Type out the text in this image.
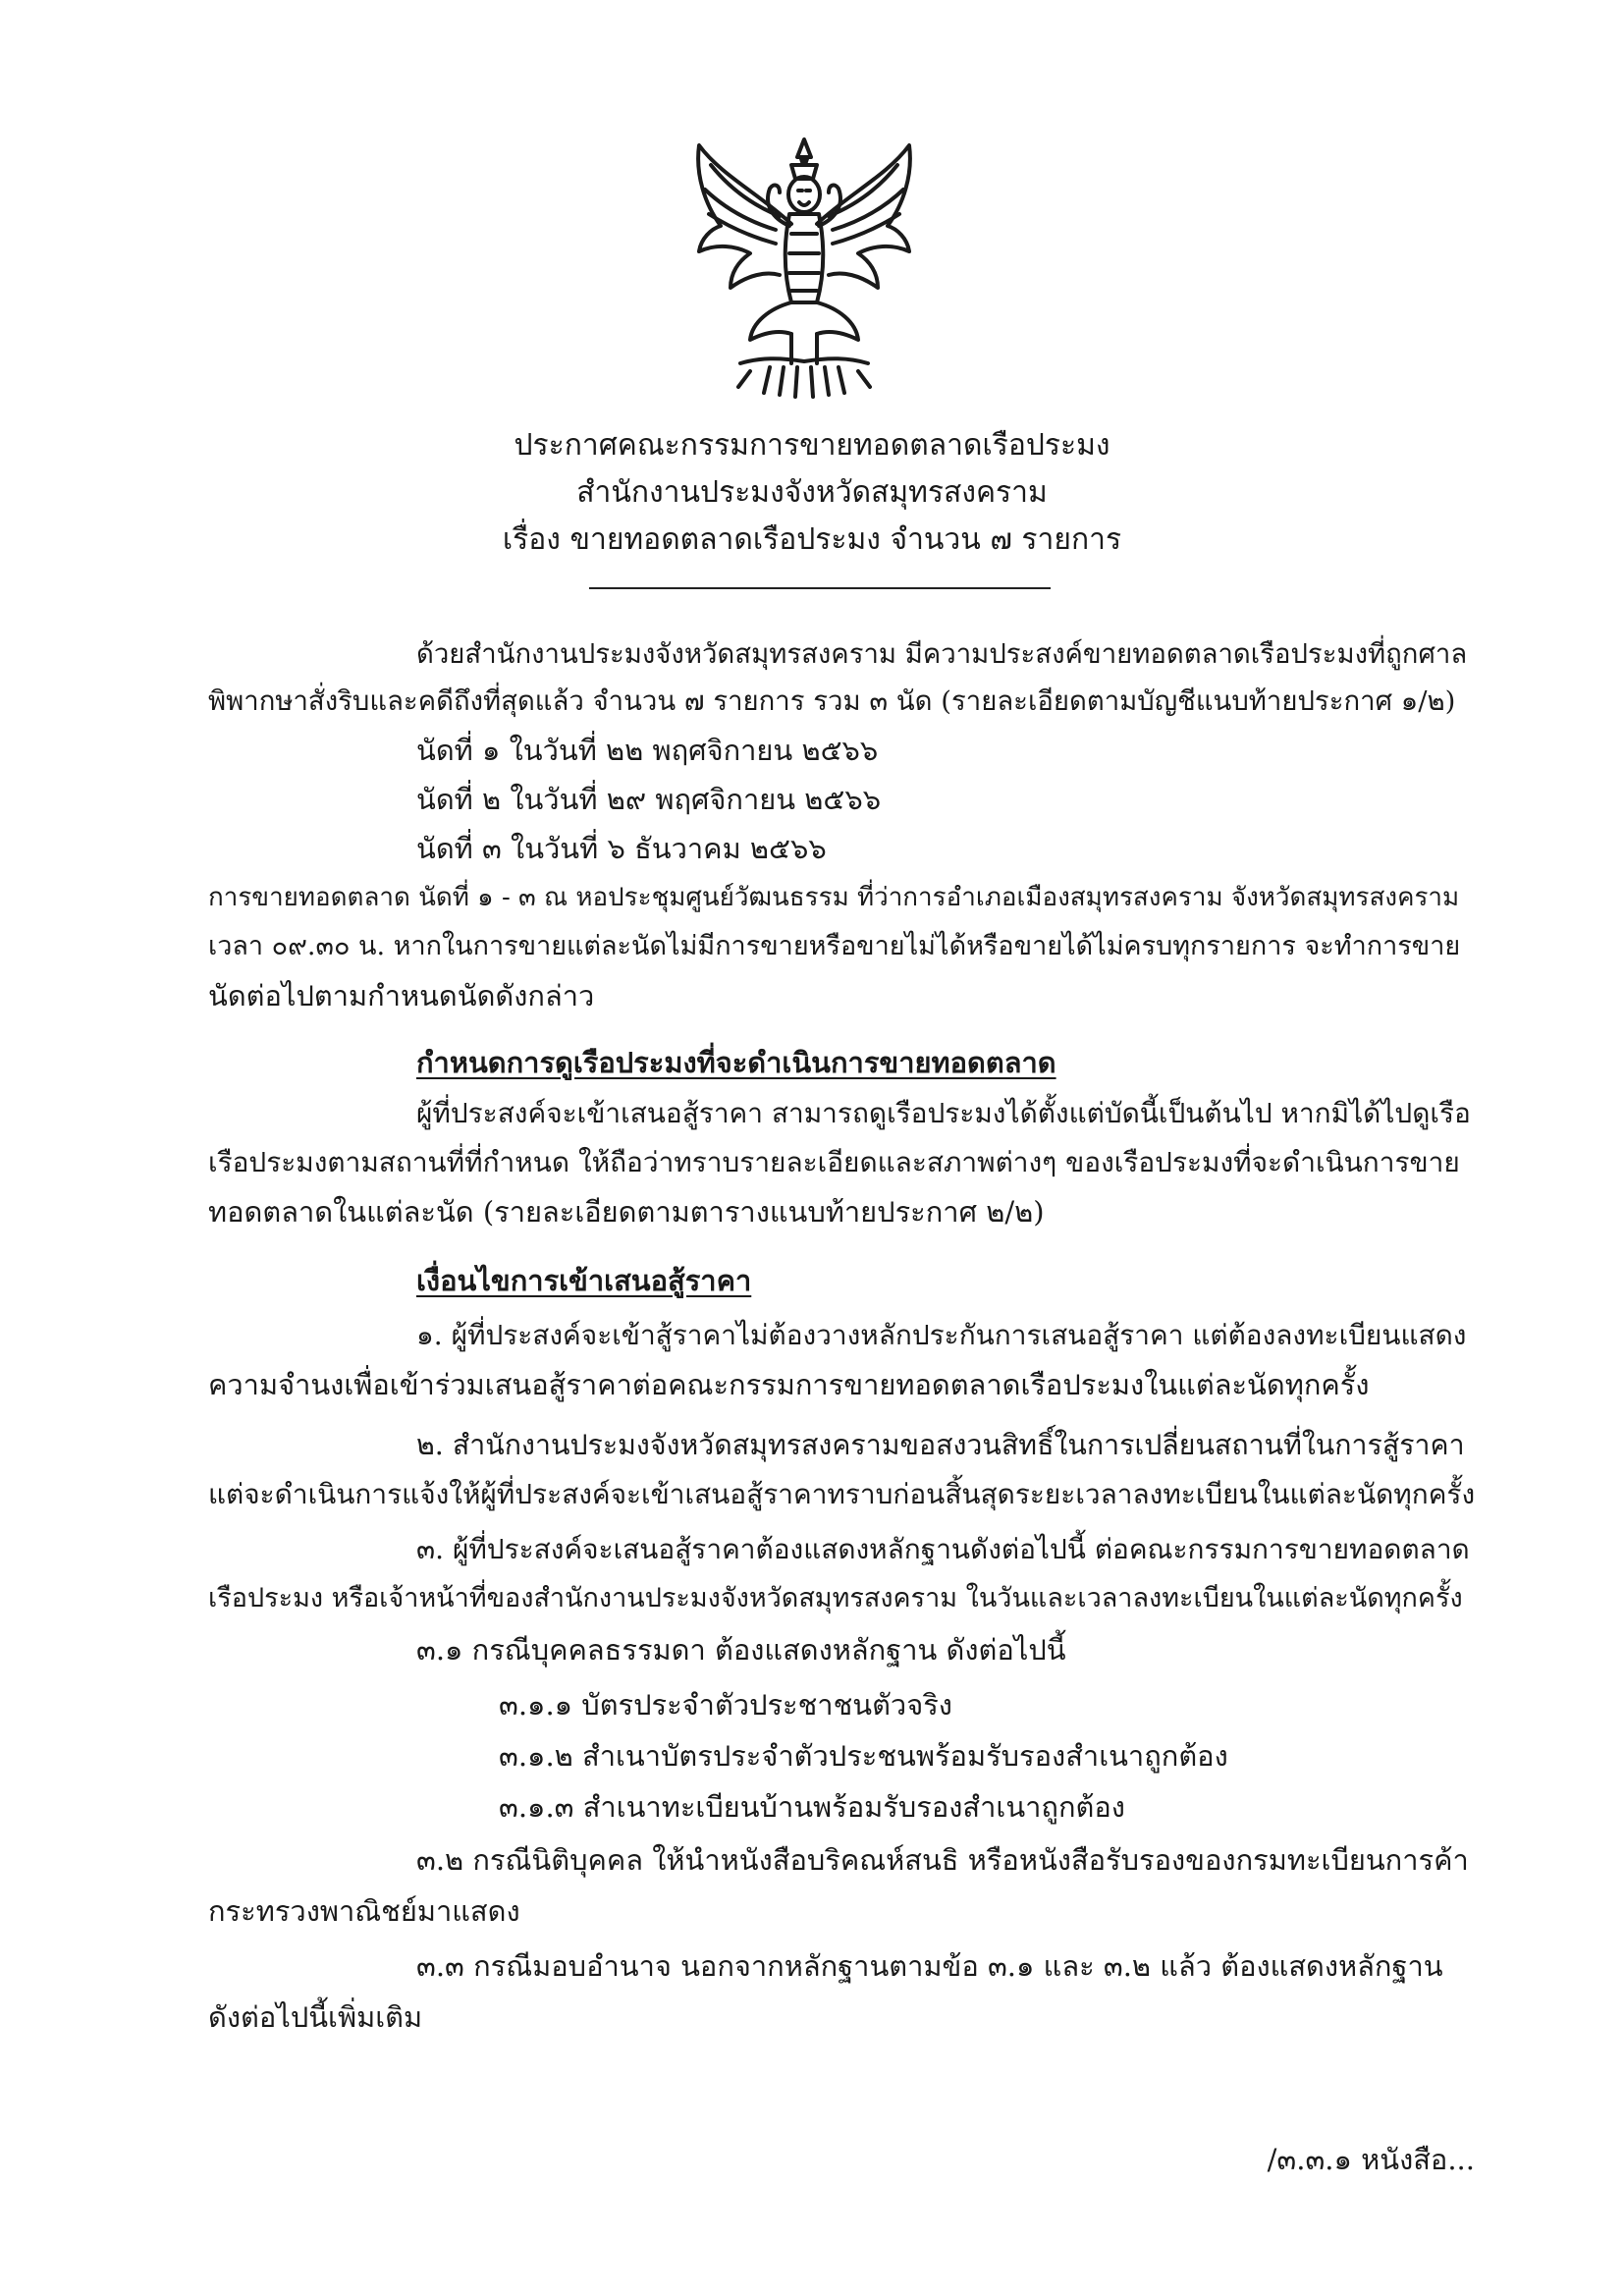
ประกาศคณะกรรมการขายทอดตลาดเรือประมง
สำนักงานประมงจังหวัดสมุทรสงคราม
เรื่อง ขายทอดตลาดเรือประมง จำนวน ๗ รายการ
ด้วยสำนักงานประมงจังหวัดสมุทรสงคราม มีความประสงค์ขายทอดตลาดเรือประมงที่ถูกศาล
พิพากษาสั่งริบและคดีถึงที่สุดแล้ว จำนวน ๗ รายการ รวม ๓ นัด (รายละเอียดตามบัญชีแนบท้ายประกาศ ๑/๒)
นัดที่ ๑ ในวันที่ ๒๒ พฤศจิกายน ๒๕๖๖
นัดที่ ๒ ในวันที่ ๒๙ พฤศจิกายน ๒๕๖๖
นัดที่ ๓ ในวันที่ ๖ ธันวาคม ๒๕๖๖
การขายทอดตลาด นัดที่ ๑ - ๓ ณ หอประชุมศูนย์วัฒนธรรม ที่ว่าการอำเภอเมืองสมุทรสงคราม จังหวัดสมุทรสงคราม
เวลา ๐๙.๓๐ น. หากในการขายแต่ละนัดไม่มีการขายหรือขายไม่ได้หรือขายได้ไม่ครบทุกรายการ จะทำการขาย
นัดต่อไปตามกำหนดนัดดังกล่าว
กำหนดการดูเรือประมงที่จะดำเนินการขายทอดตลาด
ผู้ที่ประสงค์จะเข้าเสนอสู้ราคา สามารถดูเรือประมงได้ตั้งแต่บัดนี้เป็นต้นไป หากมิได้ไปดูเรือ
เรือประมงตามสถานที่ที่กำหนด ให้ถือว่าทราบรายละเอียดและสภาพต่างๆ ของเรือประมงที่จะดำเนินการขาย
ทอดตลาดในแต่ละนัด (รายละเอียดตามตารางแนบท้ายประกาศ ๒/๒)
เงื่อนไขการเข้าเสนอสู้ราคา
๑. ผู้ที่ประสงค์จะเข้าสู้ราคาไม่ต้องวางหลักประกันการเสนอสู้ราคา แต่ต้องลงทะเบียนแสดง
ความจำนงเพื่อเข้าร่วมเสนอสู้ราคาต่อคณะกรรมการขายทอดตลาดเรือประมงในแต่ละนัดทุกครั้ง
๒. สำนักงานประมงจังหวัดสมุทรสงครามขอสงวนสิทธิ์ในการเปลี่ยนสถานที่ในการสู้ราคา
แต่จะดำเนินการแจ้งให้ผู้ที่ประสงค์จะเข้าเสนอสู้ราคาทราบก่อนสิ้นสุดระยะเวลาลงทะเบียนในแต่ละนัดทุกครั้ง
๓. ผู้ที่ประสงค์จะเสนอสู้ราคาต้องแสดงหลักฐานดังต่อไปนี้ ต่อคณะกรรมการขายทอดตลาด
เรือประมง หรือเจ้าหน้าที่ของสำนักงานประมงจังหวัดสมุทรสงคราม ในวันและเวลาลงทะเบียนในแต่ละนัดทุกครั้ง
๓.๑ กรณีบุคคลธรรมดา ต้องแสดงหลักฐาน ดังต่อไปนี้
๓.๑.๑ บัตรประจำตัวประชาชนตัวจริง
๓.๑.๒ สำเนาบัตรประจำตัวประชนพร้อมรับรองสำเนาถูกต้อง
๓.๑.๓ สำเนาทะเบียนบ้านพร้อมรับรองสำเนาถูกต้อง
๓.๒ กรณีนิติบุคคล ให้นำหนังสือบริคณห์สนธิ หรือหนังสือรับรองของกรมทะเบียนการค้า
กระทรวงพาณิชย์มาแสดง
๓.๓ กรณีมอบอำนาจ นอกจากหลักฐานตามข้อ ๓.๑ และ ๓.๒ แล้ว ต้องแสดงหลักฐาน
ดังต่อไปนี้เพิ่มเติม
/๓.๓.๑ หนังสือ...
